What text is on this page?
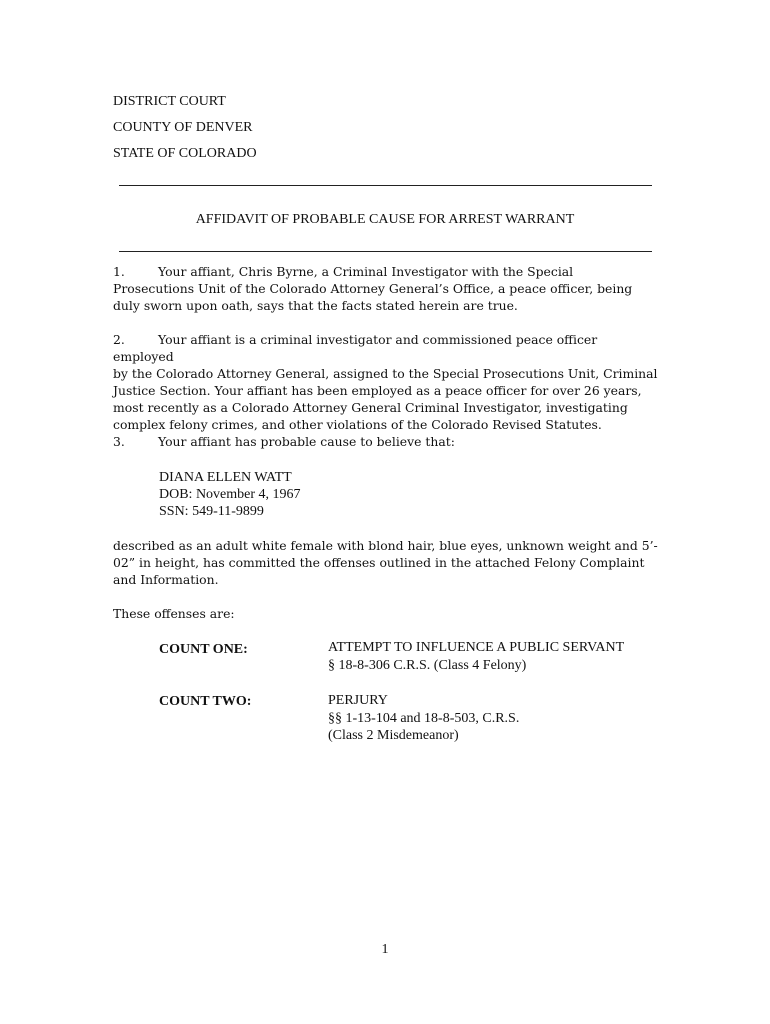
DISTRICT COURT
COUNTY OF DENVER
STATE OF COLORADO
AFFIDAVIT OF PROBABLE CAUSE FOR ARREST WARRANT
1.	Your affiant, Chris Byrne, a Criminal Investigator with the Special
Prosecutions Unit of the Colorado Attorney General’s Office, a peace officer, being
duly sworn upon oath, says that the facts stated herein are true.
2.	Your affiant is a criminal investigator and commissioned peace officer employed
by the Colorado Attorney General, assigned to the Special Prosecutions Unit, Criminal
Justice Section. Your affiant has been employed as a peace officer for over 26 years,
most recently as a Colorado Attorney General Criminal Investigator, investigating
complex felony crimes, and other violations of the Colorado Revised Statutes.
3.	Your affiant has probable cause to believe that:
DIANA ELLEN WATT
DOB: November 4, 1967
SSN: 549-11-9899
described as an adult white female with blond hair, blue eyes, unknown weight and 5’-
02” in height, has committed the offenses outlined in the attached Felony Complaint
and Information.
These offenses are:
COUNT ONE:	ATTEMPT TO INFLUENCE A PUBLIC SERVANT
§ 18-8-306 C.R.S. (Class 4 Felony)
COUNT TWO:	PERJURY
§§ 1-13-104 and 18-8-503, C.R.S.
(Class 2 Misdemeanor)
1
